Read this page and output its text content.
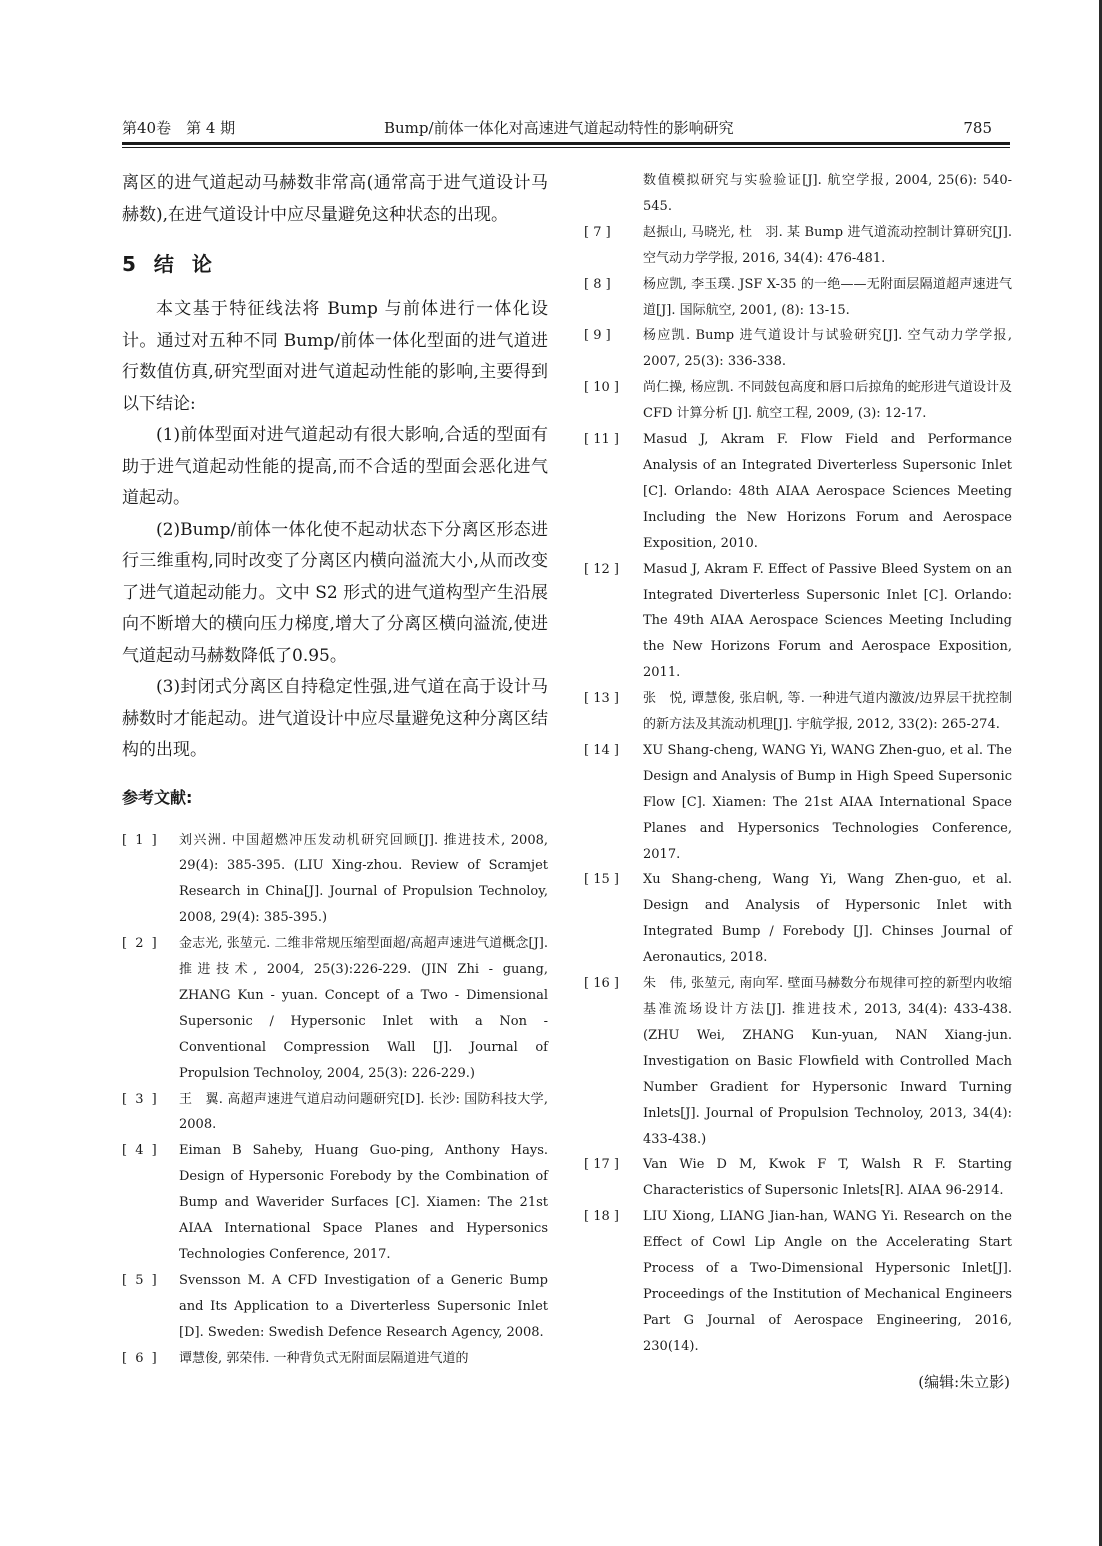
第40卷　第 4 期	Bump/前体一体化对高速进气道起动特性的影响研究	785

离区的进气道起动马赫数非常高(通常高于进气道设计马赫数),在进气道设计中应尽量避免这种状态的出现。

5 结 论

本文基于特征线法将 Bump 与前体进行一体化设计。通过对五种不同 Bump/前体一体化型面的进气道进行数值仿真,研究型面对进气道起动性能的影响,主要得到以下结论:

(1)前体型面对进气道起动有很大影响,合适的型面有助于进气道起动性能的提高,而不合适的型面会恶化进气道起动。

(2)Bump/前体一体化使不起动状态下分离区形态进行三维重构,同时改变了分离区内横向溢流大小,从而改变了进气道起动能力。文中 S2 形式的进气道构型产生沿展向不断增大的横向压力梯度,增大了分离区横向溢流,使进气道起动马赫数降低了0.95。

(3)封闭式分离区自持稳定性强,进气道在高于设计马赫数时才能起动。进气道设计中应尽量避免这种分离区结构的出现。

参考文献:
[ 1 ]	刘兴洲. 中国超燃冲压发动机研究回顾[J]. 推进技术, 2008, 29(4): 385-395. (LIU Xing-zhou. Review of Scramjet Research in China[J]. Journal of Propulsion Technoloy, 2008, 29(4): 385-395.)
[ 2 ]	金志光, 张堃元. 二维非常规压缩型面超/高超声速进气道概念[J]. 推进技术, 2004, 25(3):226-229. (JIN Zhi - guang, ZHANG Kun - yuan. Concept of a Two - Dimensional Supersonic / Hypersonic Inlet with a Non - Conventional Compression Wall [J]. Journal of Propulsion Technoloy, 2004, 25(3): 226-229.)
[ 3 ]	王　翼. 高超声速进气道启动问题研究[D]. 长沙: 国防科技大学, 2008.
[ 4 ]	Eiman B Saheby, Huang Guo-ping, Anthony Hays. Design of Hypersonic Forebody by the Combination of Bump and Waverider Surfaces [C]. Xiamen: The 21st AIAA International Space Planes and Hypersonics Technologies Conference, 2017.
[ 5 ]	Svensson M. A CFD Investigation of a Generic Bump and Its Application to a Diverterless Supersonic Inlet [D]. Sweden: Swedish Defence Research Agency, 2008.
[ 6 ]	谭慧俊, 郭荣伟. 一种背负式无附面层隔道进气道的
数值模拟研究与实验验证[J]. 航空学报, 2004, 25(6): 540-545.
[ 7 ]	赵振山, 马晓光, 杜　羽. 某 Bump 进气道流动控制计算研究[J]. 空气动力学学报, 2016, 34(4): 476-481.
[ 8 ]	杨应凯, 李玉璞. JSF X-35 的一绝——无附面层隔道超声速进气道[J]. 国际航空, 2001, (8): 13-15.
[ 9 ]	杨应凯. Bump 进气道设计与试验研究[J]. 空气动力学学报, 2007, 25(3): 336-338.
[ 10 ]	尚仁操, 杨应凯. 不同鼓包高度和唇口后掠角的蛇形进气道设计及 CFD 计算分析 [J]. 航空工程, 2009, (3): 12-17.
[ 11 ]	Masud J, Akram F. Flow Field and Performance Analysis of an Integrated Diverterless Supersonic Inlet [C]. Orlando: 48th AIAA Aerospace Sciences Meeting Including the New Horizons Forum and Aerospace Exposition, 2010.
[ 12 ]	Masud J, Akram F. Effect of Passive Bleed System on an Integrated Diverterless Supersonic Inlet [C]. Orlando: The 49th AIAA Aerospace Sciences Meeting Including the New Horizons Forum and Aerospace Exposition, 2011.
[ 13 ]	张　悦, 谭慧俊, 张启帆, 等. 一种进气道内激波/边界层干扰控制的新方法及其流动机理[J]. 宇航学报, 2012, 33(2): 265-274.
[ 14 ]	XU Shang-cheng, WANG Yi, WANG Zhen-guo, et al. The Design and Analysis of Bump in High Speed Supersonic Flow [C]. Xiamen: The 21st AIAA International Space Planes and Hypersonics Technologies Conference, 2017.
[ 15 ]	Xu Shang-cheng, Wang Yi, Wang Zhen-guo, et al. Design and Analysis of Hypersonic Inlet with Integrated Bump / Forebody [J]. Chinses Journal of Aeronautics, 2018.
[ 16 ]	朱　伟, 张堃元, 南向军. 壁面马赫数分布规律可控的新型内收缩基准流场设计方法[J]. 推进技术, 2013, 34(4): 433-438. (ZHU Wei, ZHANG Kun-yuan, NAN Xiang-jun. Investigation on Basic Flowfield with Controlled Mach Number Gradient for Hypersonic Inward Turning Inlets[J]. Journal of Propulsion Technoloy, 2013, 34(4): 433-438.)
[ 17 ]	Van Wie D M, Kwok F T, Walsh R F. Starting Characteristics of Supersonic Inlets[R]. AIAA 96-2914.
[ 18 ]	LIU Xiong, LIANG Jian-han, WANG Yi. Research on the Effect of Cowl Lip Angle on the Accelerating Start Process of a Two-Dimensional Hypersonic Inlet[J]. Proceedings of the Institution of Mechanical Engineers Part G Journal of Aerospace Engineering, 2016, 230(14).
(编辑:朱立影)
